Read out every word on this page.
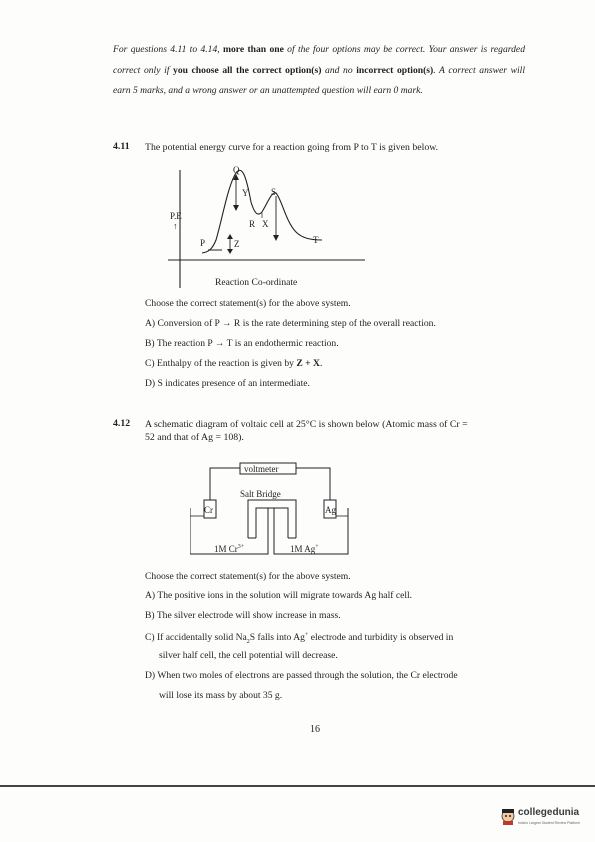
For questions 4.11 to 4.14, more than one of the four options may be correct. Your answer is regarded correct only if you choose all the correct option(s) and no incorrect option(s). A correct answer will earn 5 marks, and a wrong answer or an unattempted question will earn 0 mark.
4.11 The potential energy curve for a reaction going from P to T is given below.
Q
S
Y
P.E
↑	R X
P	Z	T
Reaction Co-ordinate
Choose the correct statement(s) for the above system.
A) Conversion of P → R is the rate determining step of the overall reaction.
B) The reaction P → T is an endothermic reaction.
C) Enthalpy of the reaction is given by Z + X.
D) S indicates presence of an intermediate.
4.12 A schematic diagram of voltaic cell at 25°C is shown below (Atomic mass of Cr =
52 and that of Ag = 108).
voltmeter
Salt Bridge
Cr	Ag
1M $Cr^{3+}$	1M Ag+
Choose the correct statement(s) for the above system.
A) The positive ions in the solution will migrate towards Ag half cell.
B) The silver electrode will show increase in mass.
C) If accidentally solid $Na_2S$ falls into Ag+ electrode and turbidity is observed in
silver half cell, the cell potential will decrease.
D) When two moles of electrons are passed through the solution, the Cr electrode
will lose its mass by about 35 g.
16
collegedunia
India's Largest Student Review Platform
